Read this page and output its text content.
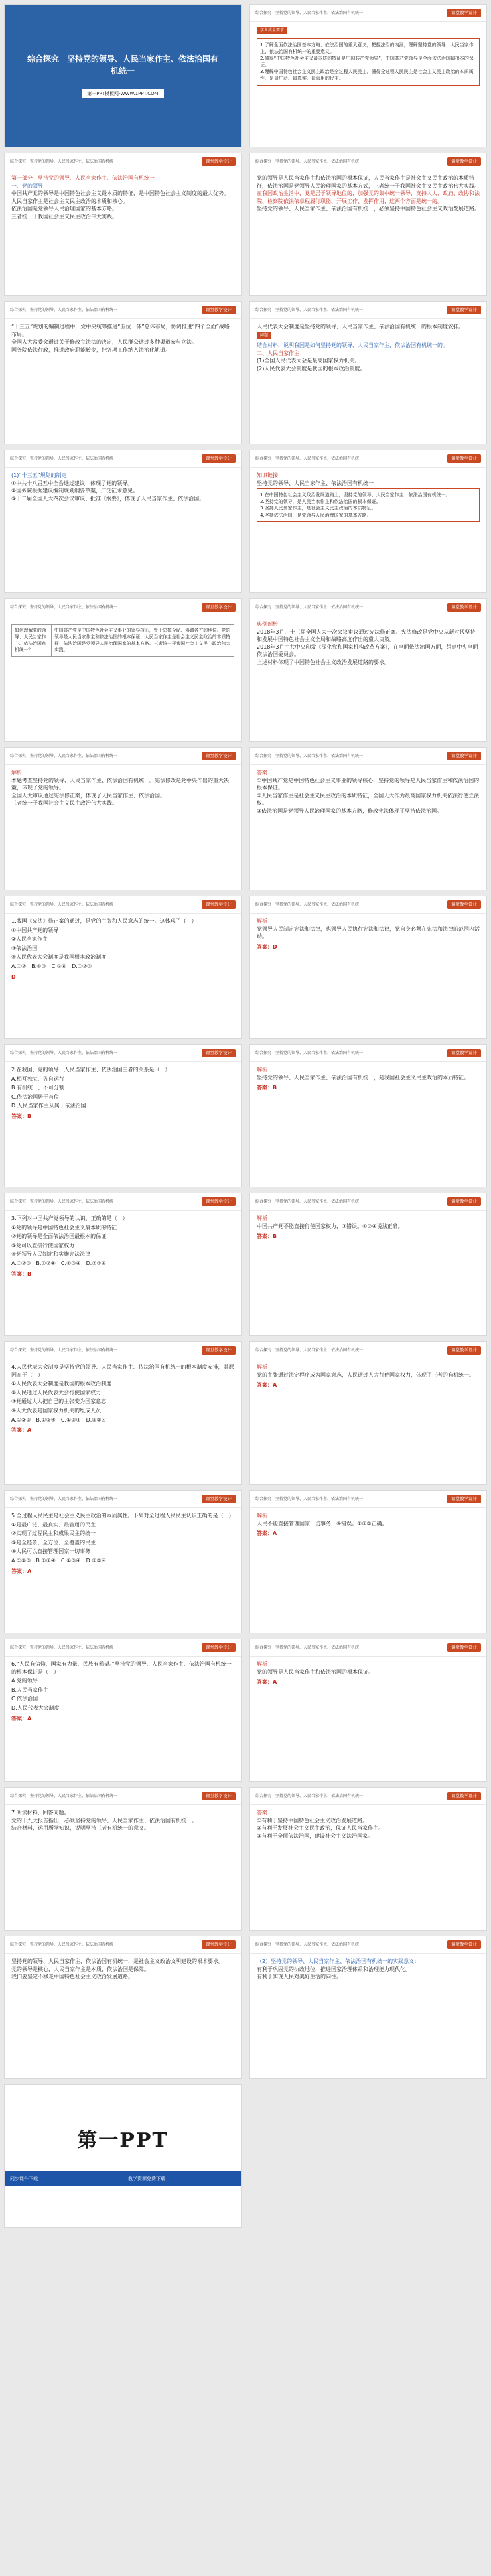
综合探究　坚持党的领导、人民当家作主、依法治国有机统一
第一PPT模板网-WWW.1PPT.COM
综合探究　坚持党的领导、人民当家作主、依法治国有机统一	课堂教学设计
学业质量要求

1.了解全面依法治国基本方略、依法治国的重大意义，把握法治的内涵，理解坚持党的领导、人民当家作主、依法治国有机统一的重要意义。

2.懂得“中国特色社会主义最本质的特征是中国共产党领导”，中国共产党领导是全面依法治国最根本的保证。

3.理解中国特色社会主义民主政治是全过程人民民主，懂得全过程人民民主是社会主义民主政治的本质属性，是最广泛、最真实、最管用的民主。

综合探究　坚持党的领导、人民当家作主、依法治国有机统一	课堂教学设计

第一部分　坚持党的领导、人民当家作主、依法治国有机统一

一、党的领导

中国共产党的领导是中国特色社会主义最本质的特征，是中国特色社会主义制度的最大优势。

人民当家作主是社会主义民主政治的本质和核心。

依法治国是党领导人民治理国家的基本方略。

三者统一于我国社会主义民主政治伟大实践。

综合探究　坚持党的领导、人民当家作主、依法治国有机统一	课堂教学设计

党的领导是人民当家作主和依法治国的根本保证，人民当家作主是社会主义民主政治的本质特征，依法治国是党领导人民治理国家的基本方式，三者统一于我国社会主义民主政治伟大实践。

在我国政治生活中，党是居于领导地位的，加强党的集中统一领导，支持人大、政府、政协和法院、检察院依法依章程履行职能、开展工作、发挥作用，这两个方面是统一的。

坚持党的领导、人民当家作主、依法治国有机统一，必须坚持中国特色社会主义政治发展道路。

综合探究　坚持党的领导、人民当家作主、依法治国有机统一	课堂教学设计

“十三五”规划的编制过程中，党中央统筹推进“五位一体”总体布局，协调推进“四个全面”战略布局。

全国人大常委会通过关于修改立法法的决定，人民群众通过多种渠道参与立法。

国务院依法行政，推进政府职能转变，把各项工作纳入法治化轨道。

综合探究　坚持党的领导、人民当家作主、依法治国有机统一	课堂教学设计

人民代表大会制度是坚持党的领导、人民当家作主、依法治国有机统一的根本制度安排。

问题

结合材料，说明我国是如何坚持党的领导、人民当家作主、依法治国有机统一的。

二、人民当家作主

(1)全国人民代表大会是最高国家权力机关。

(2)人民代表大会制度是我国的根本政治制度。

综合探究　坚持党的领导、人民当家作主、依法治国有机统一	课堂教学设计

(1)“十三五”规划的制定

①中共十八届五中全会通过建议，体现了党的领导。

②国务院根据建议编制规划纲要草案，广泛征求意见。

③十二届全国人大四次会议审议、批准《纲要》，体现了人民当家作主、依法治国。

综合探究　坚持党的领导、人民当家作主、依法治国有机统一	课堂教学设计

知识链接

坚持党的领导、人民当家作主、依法治国有机统一

1.在中国特色社会主义政治发展道路上，坚持党的领导、人民当家作主、依法治国有机统一。

2.坚持党的领导，是人民当家作主和依法治国的根本保证。

3.坚持人民当家作主，是社会主义民主政治的本质特征。

4.坚持依法治国，是党领导人民治理国家的基本方略。

综合探究　坚持党的领导、人民当家作主、依法治国有机统一	课堂教学设计
如何理解党的领导、人民当家作主、依法治国有机统一？
中国共产党是中国特色社会主义事业的领导核心，处于总揽全局、协调各方的地位。党的领导是人民当家作主和依法治国的根本保证；人民当家作主是社会主义民主政治的本质特征；依法治国是党领导人民治理国家的基本方略。三者统一于我国社会主义民主政治伟大实践。
综合探究　坚持党的领导、人民当家作主、依法治国有机统一	课堂教学设计

典例剖析

2018年3月，十三届全国人大一次会议审议通过宪法修正案。宪法修改是党中央从新时代坚持和发展中国特色社会主义全局和战略高度作出的重大决策。

2018年3月中共中央印发《深化党和国家机构改革方案》，在全面依法治国方面，组建中央全面依法治国委员会。

上述材料体现了中国特色社会主义政治发展道路的要求。

综合探究　坚持党的领导、人民当家作主、依法治国有机统一	课堂教学设计
解析

本题考查坚持党的领导、人民当家作主、依法治国有机统一。宪法修改是党中央作出的重大决策，体现了党的领导。

全国人大审议通过宪法修正案，体现了人民当家作主、依法治国。

三者统一于我国社会主义民主政治伟大实践。

综合探究　坚持党的领导、人民当家作主、依法治国有机统一	课堂教学设计
答案

①中国共产党是中国特色社会主义事业的领导核心，坚持党的领导是人民当家作主和依法治国的根本保证。

②人民当家作主是社会主义民主政治的本质特征，全国人大作为最高国家权力机关依法行使立法权。

③依法治国是党领导人民治理国家的基本方略，修改宪法体现了坚持依法治国。

综合探究　坚持党的领导、人民当家作主、依法治国有机统一	课堂教学设计

1.我国《宪法》修正案的通过，是党的主张和人民意志的统一。这体现了（　）

①中国共产党的领导

②人民当家作主

③依法治国

④人民代表大会制度是我国根本政治制度

A.①②　B.①③　C.②④　D.①②③

D

综合探究　坚持党的领导、人民当家作主、依法治国有机统一	课堂教学设计
解析

党领导人民制定宪法和法律，也领导人民执行宪法和法律，党自身必须在宪法和法律的范围内活动。

答案：D

综合探究　坚持党的领导、人民当家作主、依法治国有机统一	课堂教学设计

2.在我国，党的领导、人民当家作主、依法治国三者的关系是（　）

A.相互独立、各自运行

B.有机统一、不可分割

C.依法治国居于首位

D.人民当家作主从属于依法治国

答案：B

综合探究　坚持党的领导、人民当家作主、依法治国有机统一	课堂教学设计
解析

坚持党的领导、人民当家作主、依法治国有机统一，是我国社会主义民主政治的本质特征。

答案：B

综合探究　坚持党的领导、人民当家作主、依法治国有机统一	课堂教学设计

3.下列对中国共产党领导的认识，正确的是（　）

①党的领导是中国特色社会主义最本质的特征

②党的领导是全面依法治国最根本的保证

③党可以直接行使国家权力

④党领导人民制定和实施宪法法律

A.①②③　B.①②④　C.①③④　D.②③④

答案：B

综合探究　坚持党的领导、人民当家作主、依法治国有机统一	课堂教学设计
解析

中国共产党不能直接行使国家权力，③错误。①②④说法正确。

答案：B

综合探究　坚持党的领导、人民当家作主、依法治国有机统一	课堂教学设计

4.人民代表大会制度是坚持党的领导、人民当家作主、依法治国有机统一的根本制度安排，其原因在于（　）

①人民代表大会制度是我国的根本政治制度

②人民通过人民代表大会行使国家权力

③党通过人大把自己的主张变为国家意志

④人大代表是国家权力机关的组成人员

A.①②③　B.①②④　C.①③④　D.②③④

答案：A

综合探究　坚持党的领导、人民当家作主、依法治国有机统一	课堂教学设计
解析

党的主张通过法定程序成为国家意志，人民通过人大行使国家权力，体现了三者的有机统一。

答案：A

综合探究　坚持党的领导、人民当家作主、依法治国有机统一	课堂教学设计

5.全过程人民民主是社会主义民主政治的本质属性。下列对全过程人民民主认识正确的是（　）

①是最广泛、最真实、最管用的民主

②实现了过程民主和成果民主的统一

③是全链条、全方位、全覆盖的民主

④人民可以直接管理国家一切事务

A.①②③　B.①②④　C.①③④　D.②③④

答案：A

综合探究　坚持党的领导、人民当家作主、依法治国有机统一	课堂教学设计
解析

人民不能直接管理国家一切事务，④错误。①②③正确。

答案：A

综合探究　坚持党的领导、人民当家作主、依法治国有机统一	课堂教学设计

6.“人民有信仰，国家有力量，民族有希望。”坚持党的领导、人民当家作主、依法治国有机统一的根本保证是（　）

A.党的领导

B.人民当家作主

C.依法治国

D.人民代表大会制度

答案：A

综合探究　坚持党的领导、人民当家作主、依法治国有机统一	课堂教学设计
解析

党的领导是人民当家作主和依法治国的根本保证。

答案：A

综合探究　坚持党的领导、人民当家作主、依法治国有机统一	课堂教学设计

7.阅读材料，回答问题。

党的十九大报告指出，必须坚持党的领导、人民当家作主、依法治国有机统一。

结合材料，运用所学知识，说明坚持三者有机统一的意义。

综合探究　坚持党的领导、人民当家作主、依法治国有机统一	课堂教学设计
答案

①有利于坚持中国特色社会主义政治发展道路。

②有利于发展社会主义民主政治，保证人民当家作主。

③有利于全面依法治国，建设社会主义法治国家。

综合探究　坚持党的领导、人民当家作主、依法治国有机统一	课堂教学设计

坚持党的领导、人民当家作主、依法治国有机统一，是社会主义政治文明建设的根本要求。

党的领导是核心，人民当家作主是本质，依法治国是保障。

我们要坚定不移走中国特色社会主义政治发展道路。

综合探究　坚持党的领导、人民当家作主、依法治国有机统一	课堂教学设计

（2）坚持党的领导、人民当家作主、依法治国有机统一的实践意义：

有利于巩固党的执政地位，推进国家治理体系和治理能力现代化。

有利于实现人民对美好生活的向往。

第一PPT
同步课件下载	教学资源免费下载
